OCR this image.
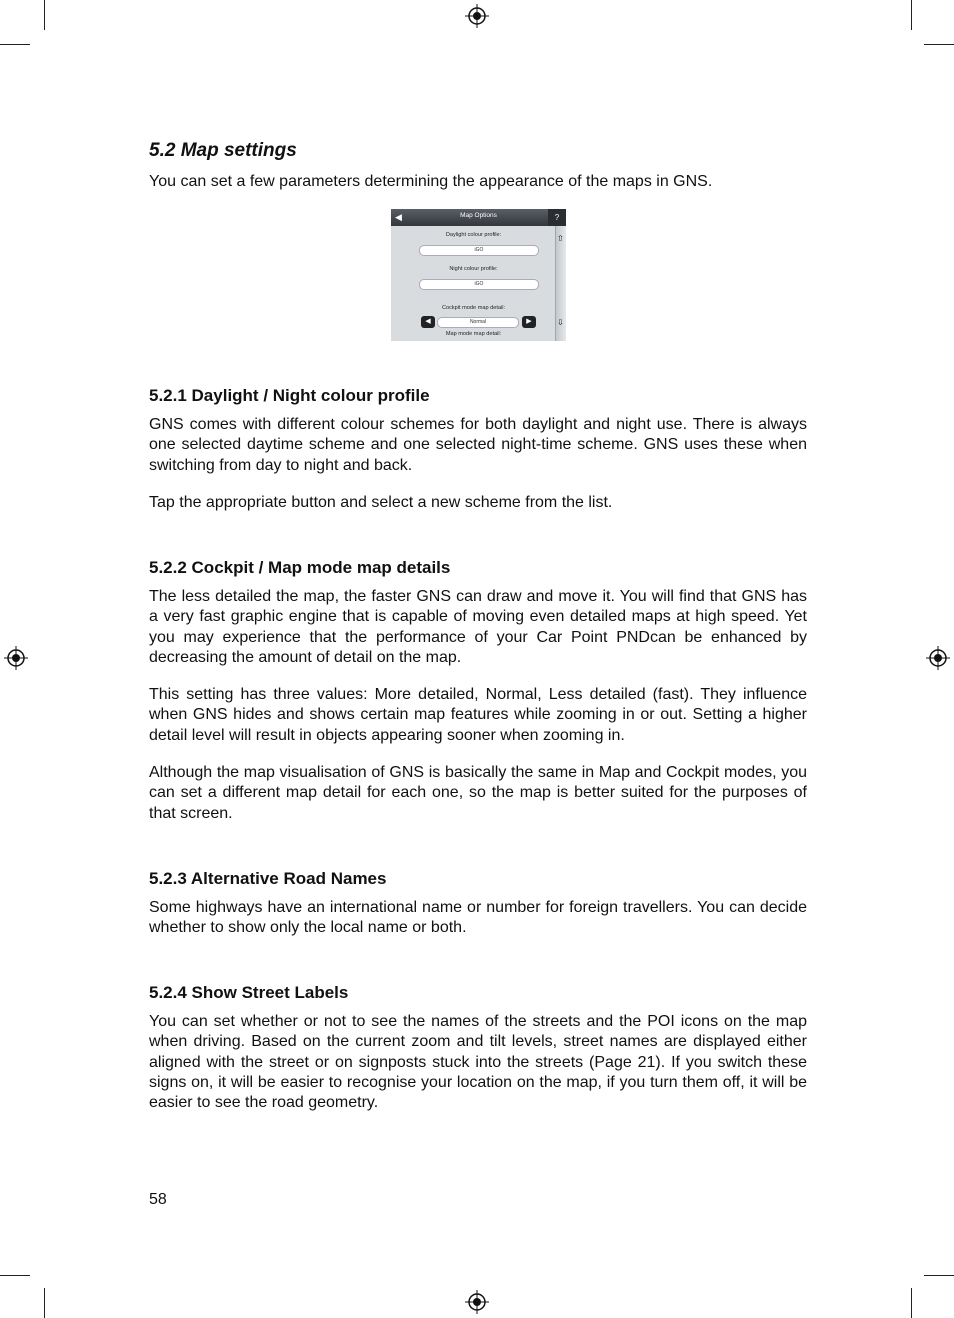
5.2 Map settings

You can set a few parameters determining the appearance of the maps in GNS.

5.2.1 Daylight / Night colour profile

GNS comes with different colour schemes for both daylight and night use. There is always one selected daytime scheme and one selected night-time scheme. GNS uses these when switching from day to night and back.

Tap the appropriate button and select a new scheme from the list.

5.2.2 Cockpit / Map mode map details

The less detailed the map, the faster GNS can draw and move it. You will find that GNS has a very fast graphic engine that is capable of moving even detailed maps at high speed. Yet you may experience that the performance of your Car Point PNDcan be enhanced by decreasing the amount of detail on the map.

This setting has three values: More detailed, Normal, Less detailed (fast). They influence when GNS hides and shows certain map features while zooming in or out. Setting a higher detail level will result in objects appearing sooner when zooming in.

Although the map visualisation of GNS is basically the same in Map and Cockpit modes, you can set a different map detail for each one, so the map is better suited for the purposes of that screen.

5.2.3 Alternative Road Names

Some highways have an international name or number for foreign travellers. You can decide whether to show only the local name or both.

5.2.4 Show Street Labels

You can set whether or not to see the names of the streets and the POI icons on the map when driving. Based on the current zoom and tilt levels, street names are displayed either aligned with the street or on signposts stuck into the streets (Page 21). If you switch these signs on, it will be easier to recognise your location on the map, if you turn them off, it will be easier to see the road geometry.

◀	Map Options	?
⇧
⇩
Daylight colour profile:
iGO
Night colour profile:
iGO
Cockpit mode map detail:
◀	Normal	▶
Map mode map detail:
58
